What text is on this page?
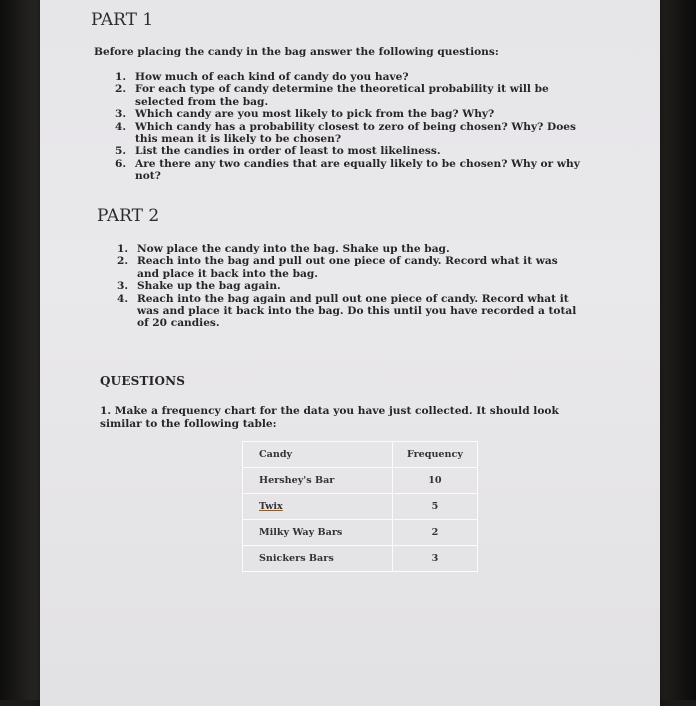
PART 1
Before placing the candy in the bag answer the following questions:
1. How much of each kind of candy do you have?
2. For each type of candy determine the theoretical probability it will be selected from the bag.
3. Which candy are you most likely to pick from the bag? Why?
4. Which candy has a probability closest to zero of being chosen? Why? Does this mean it is likely to be chosen?
5. List the candies in order of least to most likeliness.
6. Are there any two candies that are equally likely to be chosen? Why or why not?
PART 2
1. Now place the candy into the bag. Shake up the bag.
2. Reach into the bag and pull out one piece of candy. Record what it was and place it back into the bag.
3. Shake up the bag again.
4. Reach into the bag again and pull out one piece of candy. Record what it was and place it back into the bag. Do this until you have recorded a total of 20 candies.
QUESTIONS
1. Make a frequency chart for the data you have just collected. It should look similar to the following table:
Candy	Frequency
Hershey's Bar	10
Twix	5
Milky Way Bars	2
Snickers Bars	3
